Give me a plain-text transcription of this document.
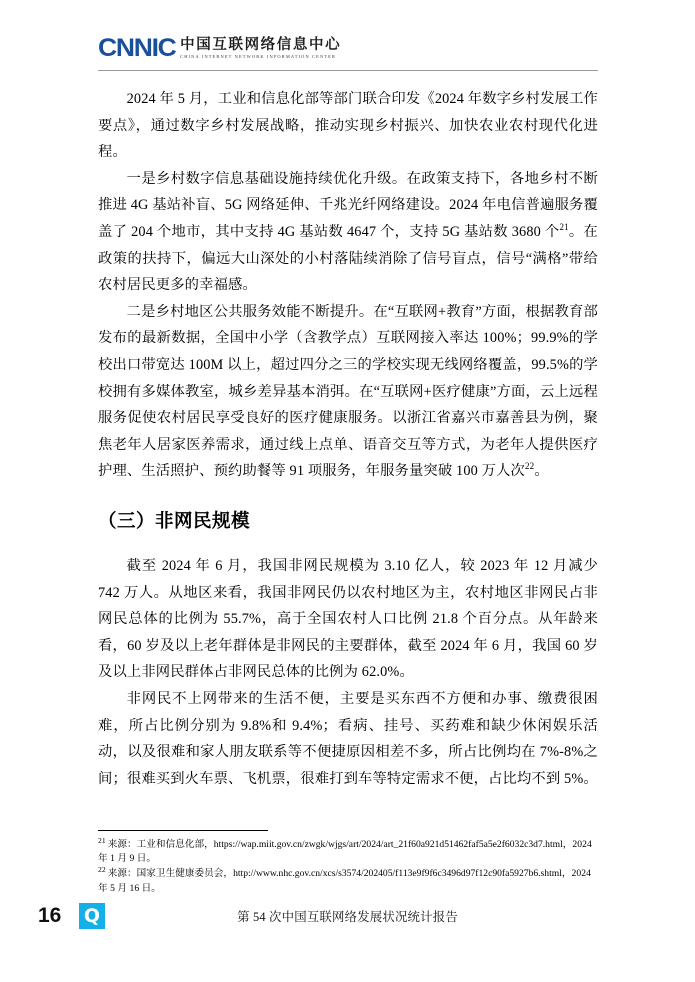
CNNIC 中国互联网络信息中心
CHINA INTERNET NETWORK INFORMATION CENTER

2024 年 5 月，工业和信息化部等部门联合印发《2024 年数字乡村发展工作要点》，通过数字乡村发展战略，推动实现乡村振兴、加快农业农村现代化进程。

一是乡村数字信息基础设施持续优化升级。在政策支持下，各地乡村不断推进 4G 基站补盲、5G 网络延伸、千兆光纤网络建设。2024 年电信普遍服务覆盖了 204 个地市，其中支持 4G 基站数 4647 个，支持 5G 基站数 3680 个$^{21}$。在政策的扶持下，偏远大山深处的小村落陆续消除了信号盲点，信号“满格”带给农村居民更多的幸福感。

二是乡村地区公共服务效能不断提升。在“互联网+教育”方面，根据教育部发布的最新数据，全国中小学（含教学点）互联网接入率达 100%；99.9%的学校出口带宽达 100M 以上，超过四分之三的学校实现无线网络覆盖，99.5%的学校拥有多媒体教室，城乡差异基本消弭。在“互联网+医疗健康”方面，云上远程服务促使农村居民享受良好的医疗健康服务。以浙江省嘉兴市嘉善县为例，聚焦老年人居家医养需求，通过线上点单、语音交互等方式，为老年人提供医疗护理、生活照护、预约助餐等 91 项服务，年服务量突破 100 万人次$^{22}$。

（三）非网民规模

截至 2024 年 6 月，我国非网民规模为 3.10 亿人，较 2023 年 12 月减少 742 万人。从地区来看，我国非网民仍以农村地区为主，农村地区非网民占非网民总体的比例为 55.7%，高于全国农村人口比例 21.8 个百分点。从年龄来看，60 岁及以上老年群体是非网民的主要群体，截至 2024 年 6 月，我国 60 岁及以上非网民群体占非网民总体的比例为 62.0%。

非网民不上网带来的生活不便，主要是买东西不方便和办事、缴费很困难，所占比例分别为 9.8%和 9.4%；看病、挂号、买药难和缺少休闲娱乐活动，以及很难和家人朋友联系等不便捷原因相差不多，所占比例均在 7%-8%之间；很难买到火车票、飞机票，很难打到车等特定需求不便，占比均不到 5%。

$^{21}$ 来源：工业和信息化部，https://wap.miit.gov.cn/zwgk/wjgs/art/2024/art_21f60a921d51462faf5a5e2f6032c3d7.html，2024 年 1 月 9 日。
$^{22}$ 来源：国家卫生健康委员会，http://www.nhc.gov.cn/xcs/s3574/202405/f113e9f9f6c3496d97f12c90fa5927b6.shtml，2024 年 5 月 16 日。
16 Q	第 54 次中国互联网络发展状况统计报告
